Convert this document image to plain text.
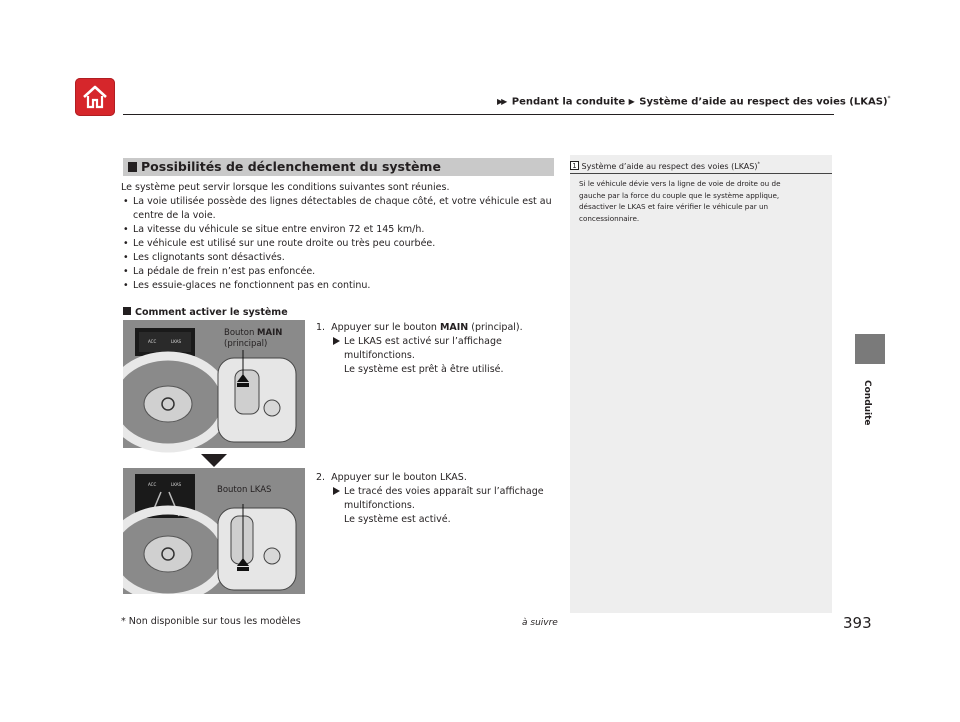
▶▶ Pendant la conduite ▶ Système d’aide au respect des voies (LKAS)*
Conduite
Possibilités de déclenchement du système
Le système peut servir lorsque les conditions suivantes sont réunies.
• La voie utilisée possède des lignes détectables de chaque côté, et votre véhicule est au
centre de la voie.
• La vitesse du véhicule se situe entre environ 72 et 145 km/h.
• Le véhicule est utilisé sur une route droite ou très peu courbée.
• Les clignotants sont désactivés.
• La pédale de frein n’est pas enfoncée.
• Les essuie-glaces ne fonctionnent pas en continu.
Comment activer le système
ACC	LKAS
ACC	LKAS
Bouton MAIN
(principal)
Bouton LKAS
1. Appuyer sur le bouton MAIN (principal).
Le LKAS est activé sur l’affichage
multifonctions.
Le système est prêt à être utilisé.
2. Appuyer sur le bouton LKAS.
Le tracé des voies apparaît sur l’affichage
multifonctions.
Le système est activé.
1 Système d’aide au respect des voies (LKAS)*
Si le véhicule dévie vers la ligne de voie de droite ou de
gauche par la force du couple que le système applique,
désactiver le LKAS et faire vérifier le véhicule par un
concessionnaire.
* Non disponible sur tous les modèles	à suivre	393
